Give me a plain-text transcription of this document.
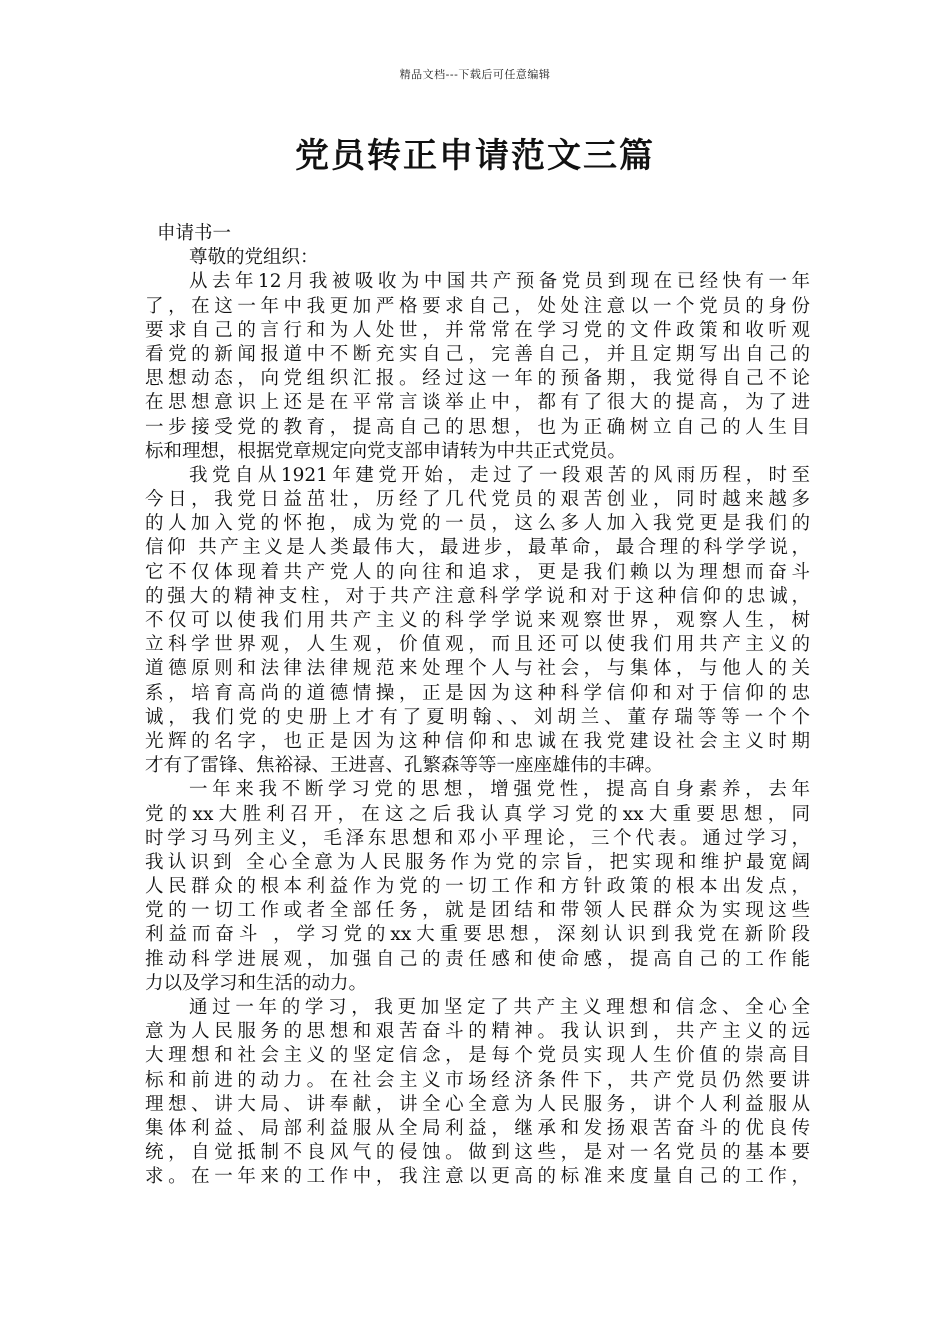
精品文档---下载后可任意编辑
党员转正申请范文三篇
申请书一
尊敬的党组织：
从去年12月我被吸收为中国共产预备党员到现在已经快有一年
了，在这一年中我更加严格要求自己，处处注意以一个党员的身份
要求自己的言行和为人处世，并常常在学习党的文件政策和收听观
看党的新闻报道中不断充实自己，完善自己，并且定期写出自己的
思想动态，向党组织汇报。经过这一年的预备期，我觉得自己不论
在思想意识上还是在平常言谈举止中，都有了很大的提高，为了进
一步接受党的教育，提高自己的思想，也为正确树立自己的人生目
标和理想，根据党章规定向党支部申请转为中共正式党员。
我党自从1921年建党开始，走过了一段艰苦的风雨历程，时至
今日，我党日益茁壮，历经了几代党员的艰苦创业，同时越来越多
的人加入党的怀抱，成为党的一员，这么多人加入我党更是我们的
信仰 共产主义是人类最伟大，最进步，最革命，最合理的科学学说，
它不仅体现着共产党人的向往和追求，更是我们赖以为理想而奋斗
的强大的精神支柱，对于共产注意科学学说和对于这种信仰的忠诚，
不仅可以使我们用共产主义的科学学说来观察世界，观察人生，树
立科学世界观，人生观，价值观，而且还可以使我们用共产主义的
道德原则和法律法律规范来处理个人与社会，与集体，与他人的关
系，培育高尚的道德情操，正是因为这种科学信仰和对于信仰的忠
诚，我们党的史册上才有了夏明翰、、刘胡兰、董存瑞等等一个个
光辉的名字，也正是因为这种信仰和忠诚在我党建设社会主义时期
才有了雷锋、焦裕禄、王进喜、孔繁森等等一座座雄伟的丰碑。
一年来我不断学习党的思想，增强党性，提高自身素养，去年
党的xx大胜利召开，在这之后我认真学习党的xx大重要思想，同
时学习马列主义，毛泽东思想和邓小平理论，三个代表。通过学习，
我认识到 全心全意为人民服务作为党的宗旨，把实现和维护最宽阔
人民群众的根本利益作为党的一切工作和方针政策的根本出发点，
党的一切工作或者全部任务，就是团结和带领人民群众为实现这些
利益而奋斗 ，学习党的xx大重要思想，深刻认识到我党在新阶段
推动科学进展观，加强自己的责任感和使命感，提高自己的工作能
力以及学习和生活的动力。
通过一年的学习，我更加坚定了共产主义理想和信念、全心全
意为人民服务的思想和艰苦奋斗的精神。我认识到，共产主义的远
大理想和社会主义的坚定信念，是每个党员实现人生价值的崇高目
标和前进的动力。在社会主义市场经济条件下，共产党员仍然要讲
理想、讲大局、讲奉献，讲全心全意为人民服务，讲个人利益服从
集体利益、局部利益服从全局利益，继承和发扬艰苦奋斗的优良传
统，自觉抵制不良风气的侵蚀。做到这些，是对一名党员的基本要
求。在一年来的工作中，我注意以更高的标准来度量自己的工作，
